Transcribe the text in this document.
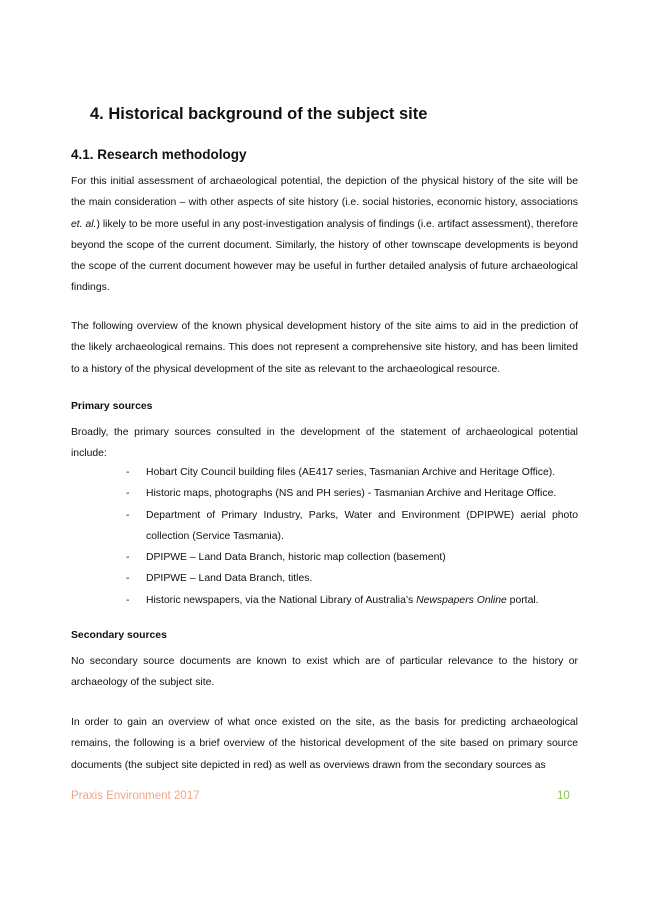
4. Historical background of the subject site
4.1. Research methodology

For this initial assessment of archaeological potential, the depiction of the physical history of the site will be the main consideration – with other aspects of site history (i.e. social histories, economic history, associations et. al.) likely to be more useful in any post-investigation analysis of findings (i.e. artifact assessment), therefore beyond the scope of the current document. Similarly, the history of other townscape developments is beyond the scope of the current document however may be useful in further detailed analysis of future archaeological findings.

The following overview of the known physical development history of the site aims to aid in the prediction of the likely archaeological remains. This does not represent a comprehensive site history, and has been limited to a history of the physical development of the site as relevant to the archaeological resource.

Primary sources

Broadly, the primary sources consulted in the development of the statement of archaeological potential include:

- Hobart City Council building files (AE417 series, Tasmanian Archive and Heritage Office).
- Historic maps, photographs (NS and PH series) - Tasmanian Archive and Heritage Office.
- Department of Primary Industry, Parks, Water and Environment (DPIPWE) aerial photo collection (Service Tasmania).
- DPIPWE – Land Data Branch, historic map collection (basement)
- DPIPWE – Land Data Branch, titles.
- Historic newspapers, via the National Library of Australia’s Newspapers Online portal.

Secondary sources

No secondary source documents are known to exist which are of particular relevance to the history or archaeology of the subject site.

In order to gain an overview of what once existed on the site, as the basis for predicting archaeological remains, the following is a brief overview of the historical development of the site based on primary source documents (the subject site depicted in red) as well as overviews drawn from the secondary sources as

Praxis Environment 2017	10
